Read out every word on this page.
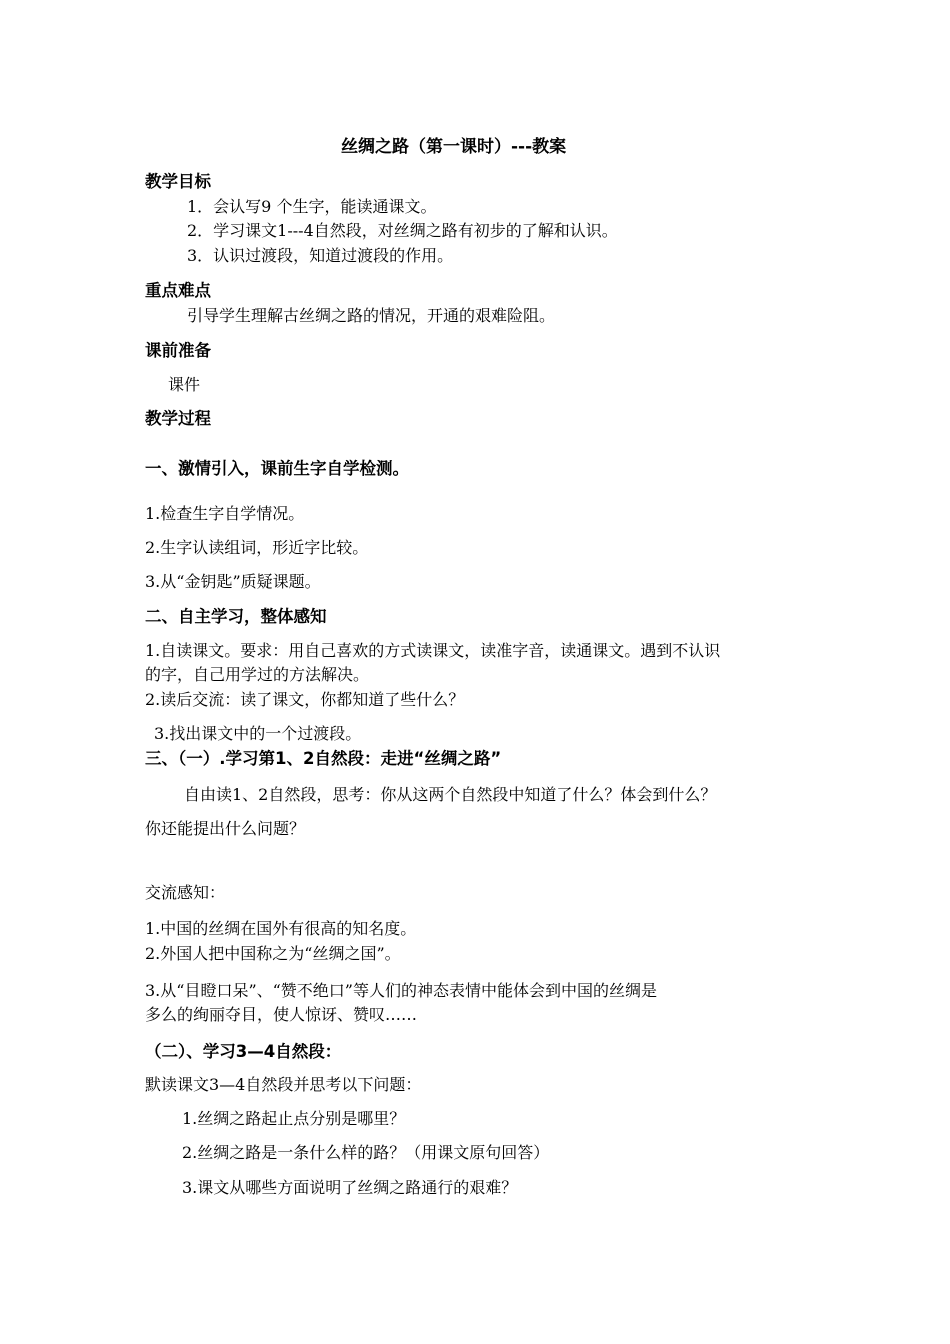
丝绸之路（第一课时）---教案
教学目标
1．会认写9 个生字，能读通课文。
2．学习课文1---4自然段，对丝绸之路有初步的了解和认识。
3．认识过渡段，知道过渡段的作用。
重点难点
引导学生理解古丝绸之路的情况，开通的艰难险阻。
课前准备
课件
教学过程
一、激情引入，课前生字自学检测。
1.检查生字自学情况。
2.生字认读组词，形近字比较。
3.从“金钥匙”质疑课题。
二、自主学习，整体感知
1.自读课文。要求：用自己喜欢的方式读课文，读准字音，读通课文。遇到不认识
的字，自己用学过的方法解决。
2.读后交流：读了课文，你都知道了些什么？
3.找出课文中的一个过渡段。
三、（一）.学习第1、2自然段：走进“丝绸之路”
自由读1、2自然段，思考：你从这两个自然段中知道了什么？体会到什么？
你还能提出什么问题？
交流感知：
1.中国的丝绸在国外有很高的知名度。
2.外国人把中国称之为“丝绸之国”。
3.从“目瞪口呆”、“赞不绝口”等人们的神态表情中能体会到中国的丝绸是
多么的绚丽夺目，使人惊讶、赞叹……
（二）、学习3—4自然段：
默读课文3—4自然段并思考以下问题：
1.丝绸之路起止点分别是哪里？
2.丝绸之路是一条什么样的路？（用课文原句回答）
3.课文从哪些方面说明了丝绸之路通行的艰难？
